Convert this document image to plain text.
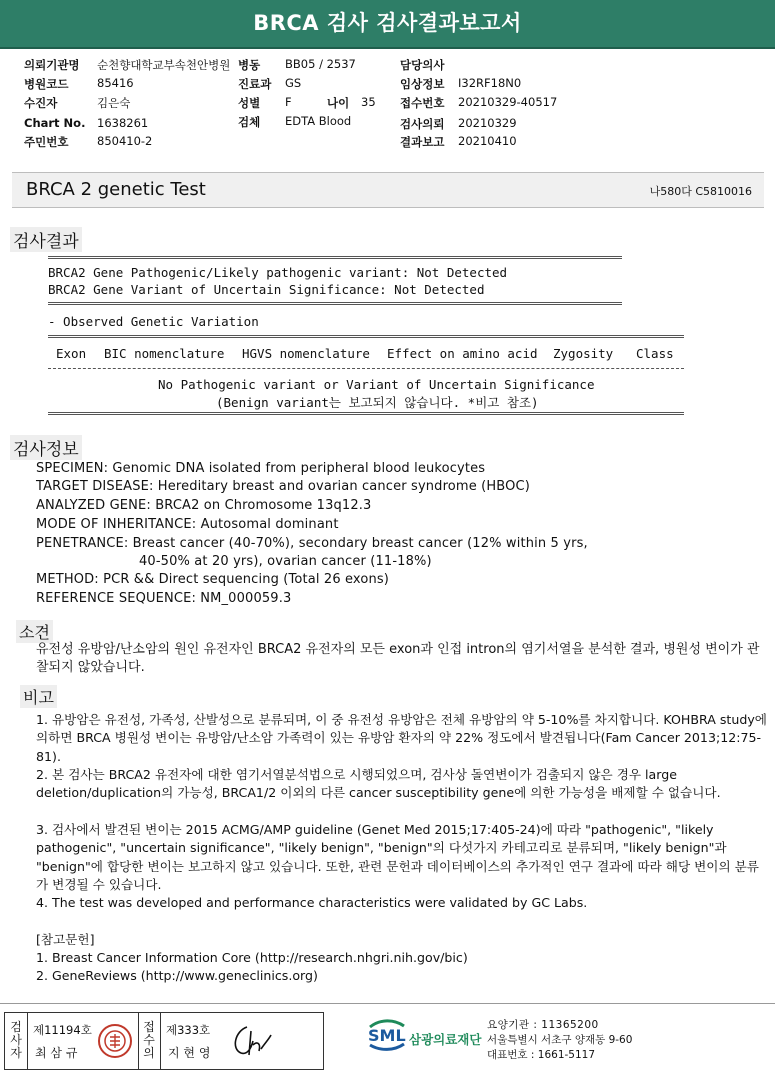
BRCA 검사 검사결과보고서
의뢰기관명 순천향대학교부속천안병원 병동 BB05 / 2537	담당의사
병원코드 85416	진료과 GS	임상정보 I32RF18N0
수진자	김은숙	성별 F	나이 35 접수번호 20210329-40517
Chart No. 1638261	검체 EDTA Blood	검사의뢰 20210329
주민번호 850410-2	결과보고 20210410
BRCA 2 genetic Test	나580다 C5810016
검사결과
BRCA2 Gene Pathogenic/Likely pathogenic variant: Not Detected
BRCA2 Gene Variant of Uncertain Significance: Not Detected
- Observed Genetic Variation
Exon BIC nomenclature HGVS nomenclature Effect on amino acid Zygosity Class
No Pathogenic variant or Variant of Uncertain Significance
(Benign variant는 보고되지 않습니다. *비고 참조)
검사정보
SPECIMEN: Genomic DNA isolated from peripheral blood leukocytes
TARGET DISEASE: Hereditary breast and ovarian cancer syndrome (HBOC)
ANALYZED GENE: BRCA2 on Chromosome 13q12.3
MODE OF INHERITANCE: Autosomal dominant
PENETRANCE: Breast cancer (40-70%), secondary breast cancer (12% within 5 yrs,
40-50% at 20 yrs), ovarian cancer (11-18%)
METHOD: PCR && Direct sequencing (Total 26 exons)
REFERENCE SEQUENCE: NM_000059.3
소견
유전성 유방암/난소암의 원인 유전자인 BRCA2 유전자의 모든 exon과 인접 intron의 염기서열을 분석한 결과, 병원성 변이가 관찰되지 않았습니다.
비고
1. 유방암은 유전성, 가족성, 산발성으로 분류되며, 이 중 유전성 유방암은 전체 유방암의 약 5-10%를 차지합니다. KOHBRA study에 의하면 BRCA 병원성 변이는 유방암/난소암 가족력이 있는 유방암 환자의 약 22% 정도에서 발견됩니다(Fam Cancer 2013;12:75-81).
2. 본 검사는 BRCA2 유전자에 대한 염기서열분석법으로 시행되었으며, 검사상 돌연변이가 검출되지 않은 경우 large deletion/duplication의 가능성, BRCA1/2 이외의 다른 cancer susceptibility gene에 의한 가능성을 배제할 수 없습니다.
3. 검사에서 발견된 변이는 2015 ACMG/AMP guideline (Genet Med 2015;17:405-24)에 따라 "pathogenic", "likely pathogenic", "uncertain significance", "likely benign", "benign"의 다섯가지 카테고리로 분류되며, "likely benign"과 "benign"에 합당한 변이는 보고하지 않고 있습니다. 또한, 관련 문헌과 데이터베이스의 추가적인 연구 결과에 따라 해당 변이의 분류가 변경될 수 있습니다.
4. The test was developed and performance characteristics were validated by GC Labs.
[참고문헌]
1. Breast Cancer Information Core (http://research.nhgri.nih.gov/bic)
2. GeneReviews (http://www.geneclinics.org)
검사자
제11194호
최 삼 규
접수의
제333호
지 현 영
SML 삼광의료재단
요양기관 : 11365200
서울특별시 서초구 양재동 9-60
대표번호 : 1661-5117
